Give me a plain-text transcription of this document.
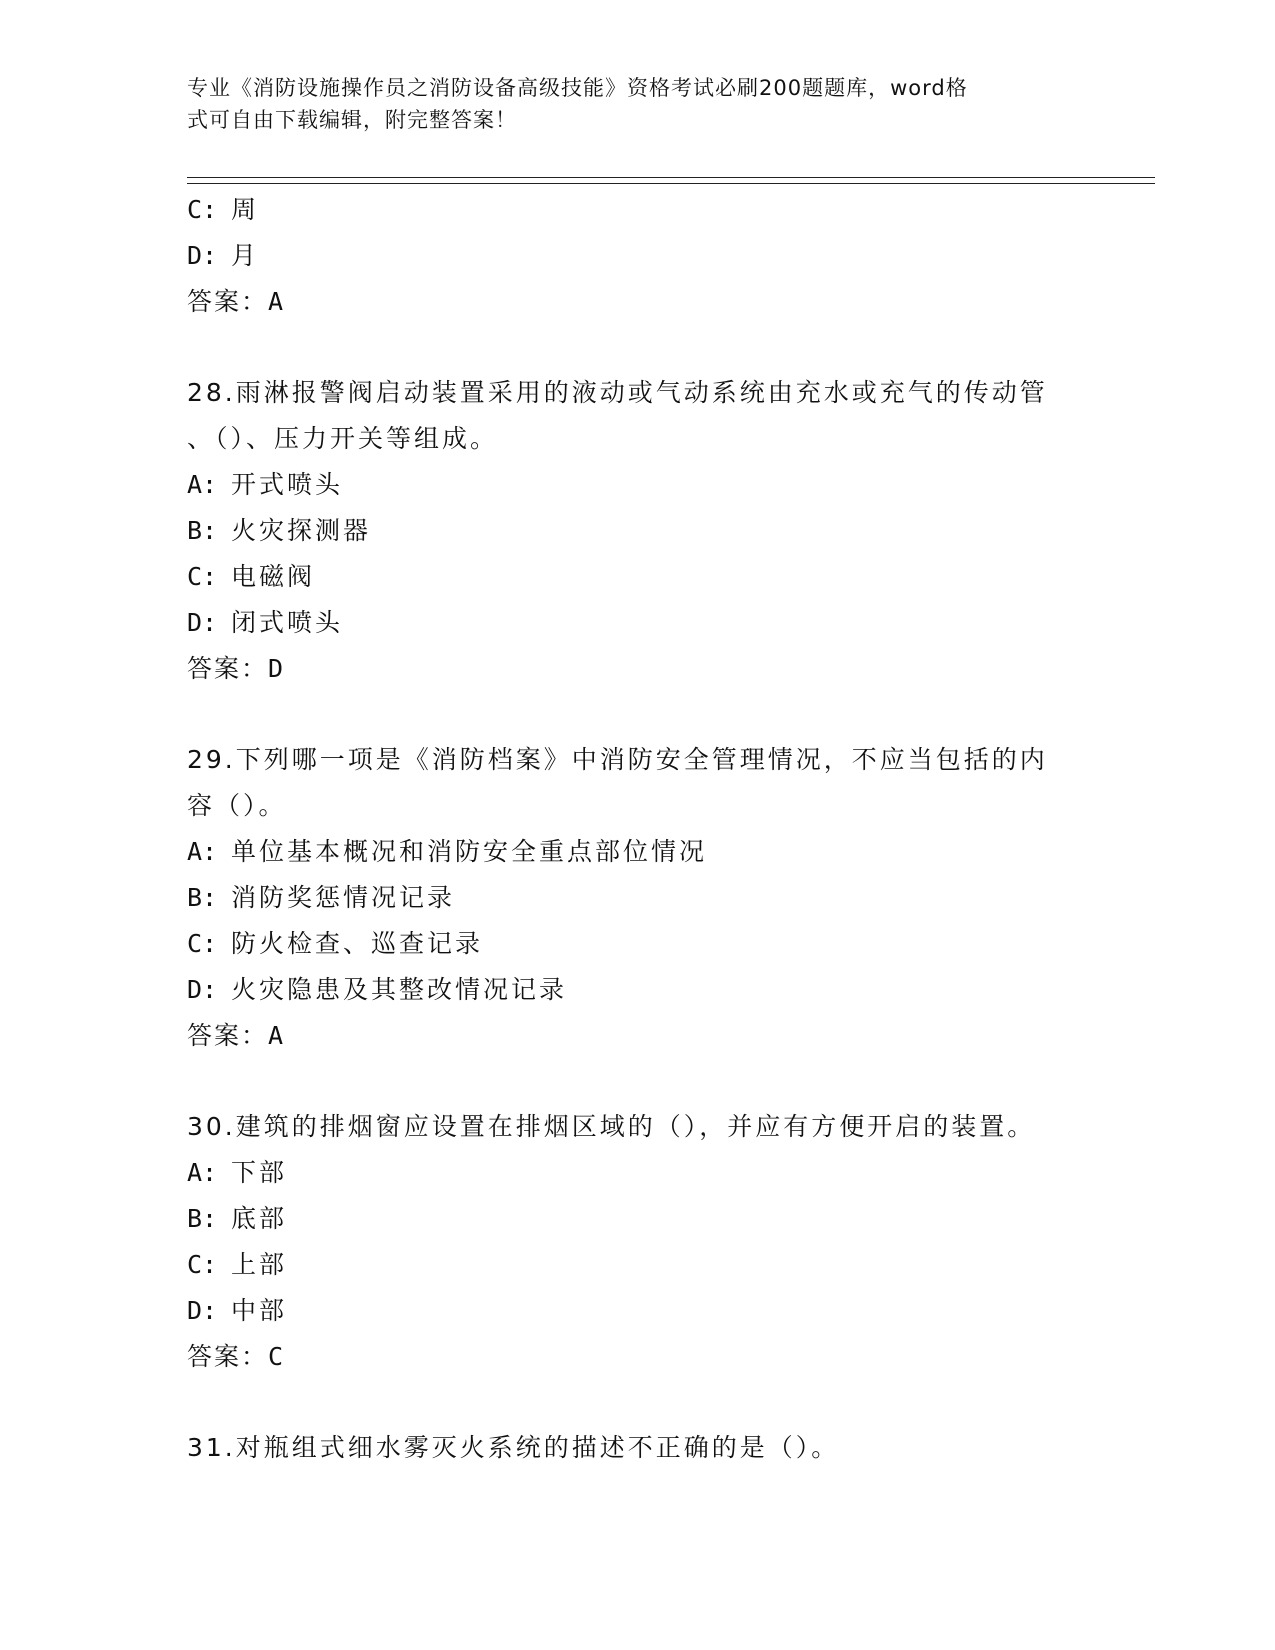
专业《消防设施操作员之消防设备高级技能》资格考试必刷200题题库，word格
式可自由下载编辑，附完整答案！
C: 周
D: 月
答案：A
28.雨淋报警阀启动装置采用的液动或气动系统由充水或充气的传动管
、（）、压力开关等组成。
A: 开式喷头
B: 火灾探测器
C: 电磁阀
D: 闭式喷头
答案：D
29.下列哪一项是《消防档案》中消防安全管理情况，不应当包括的内
容（）。
A: 单位基本概况和消防安全重点部位情况
B: 消防奖惩情况记录
C: 防火检查、巡查记录
D: 火灾隐患及其整改情况记录
答案：A
30.建筑的排烟窗应设置在排烟区域的（），并应有方便开启的装置。
A: 下部
B: 底部
C: 上部
D: 中部
答案：C
31.对瓶组式细水雾灭火系统的描述不正确的是（）。
